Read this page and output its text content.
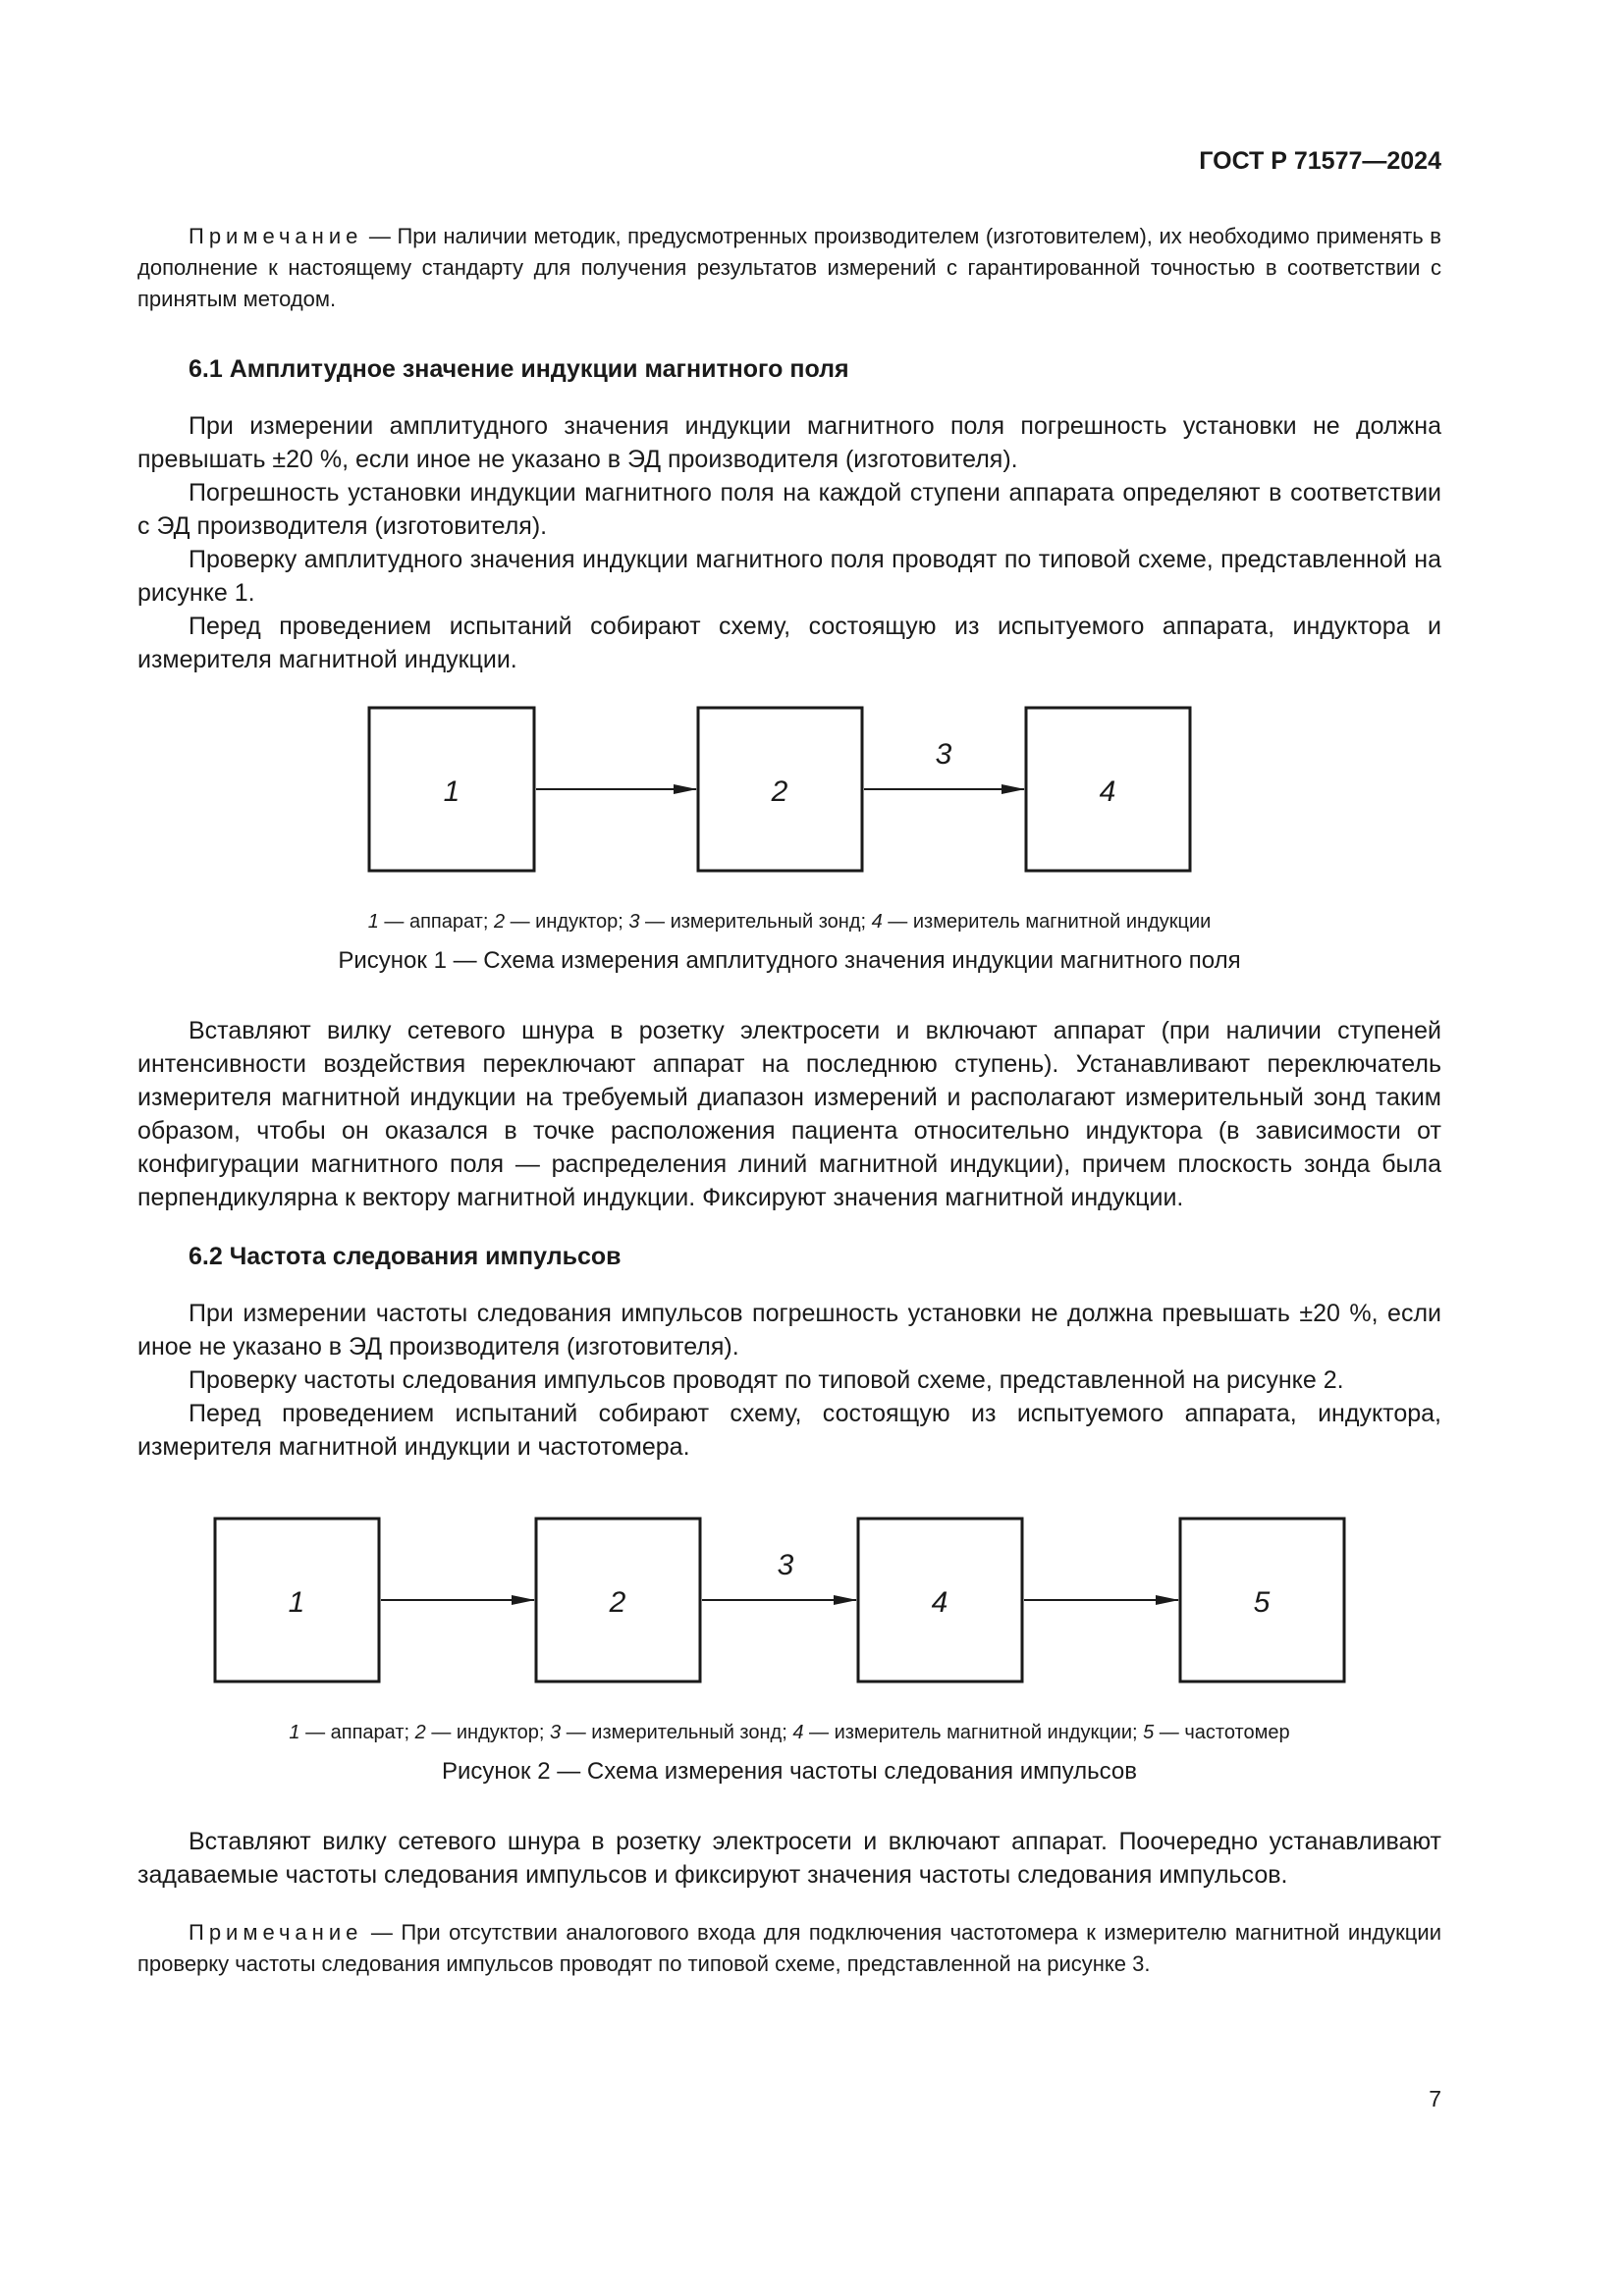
ГОСТ Р 71577—2024

Примечание — При наличии методик, предусмотренных производителем (изготовителем), их необходимо применять в дополнение к настоящему стандарту для получения результатов измерений с гарантированной точностью в соответствии с принятым методом.

6.1 Амплитудное значение индукции магнитного поля

При измерении амплитудного значения индукции магнитного поля погрешность установки не должна превышать ±20 %, если иное не указано в ЭД производителя (изготовителя).

Погрешность установки индукции магнитного поля на каждой ступени аппарата определяют в соответствии с ЭД производителя (изготовителя).

Проверку амплитудного значения индукции магнитного поля проводят по типовой схеме, представленной на рисунке 1.

Перед проведением испытаний собирают схему, состоящую из испытуемого аппарата, индуктора и измерителя магнитной индукции.

1	2	4
3
1 — аппарат; 2 — индуктор; 3 — измерительный зонд; 4 — измеритель магнитной индукции
Рисунок 1 — Схема измерения амплитудного значения индукции магнитного поля

Вставляют вилку сетевого шнура в розетку электросети и включают аппарат (при наличии ступеней интенсивности воздействия переключают аппарат на последнюю ступень). Устанавливают переключатель измерителя магнитной индукции на требуемый диапазон измерений и располагают измерительный зонд таким образом, чтобы он оказался в точке расположения пациента относительно индуктора (в зависимости от конфигурации магнитного поля — распределения линий магнитной индукции), причем плоскость зонда была перпендикулярна к вектору магнитной индукции. Фиксируют значения магнитной индукции.

6.2 Частота следования импульсов

При измерении частоты следования импульсов погрешность установки не должна превышать ±20 %, если иное не указано в ЭД производителя (изготовителя).

Проверку частоты следования импульсов проводят по типовой схеме, представленной на рисунке 2.

Перед проведением испытаний собирают схему, состоящую из испытуемого аппарата, индуктора, измерителя магнитной индукции и частотомера.

1	2	4	5
3
1 — аппарат; 2 — индуктор; 3 — измерительный зонд; 4 — измеритель магнитной индукции; 5 — частотомер
Рисунок 2 — Схема измерения частоты следования импульсов

Вставляют вилку сетевого шнура в розетку электросети и включают аппарат. Поочередно устанавливают задаваемые частоты следования импульсов и фиксируют значения частоты следования импульсов.

Примечание — При отсутствии аналогового входа для подключения частотомера к измерителю магнитной индукции проверку частоты следования импульсов проводят по типовой схеме, представленной на рисунке 3.

7
